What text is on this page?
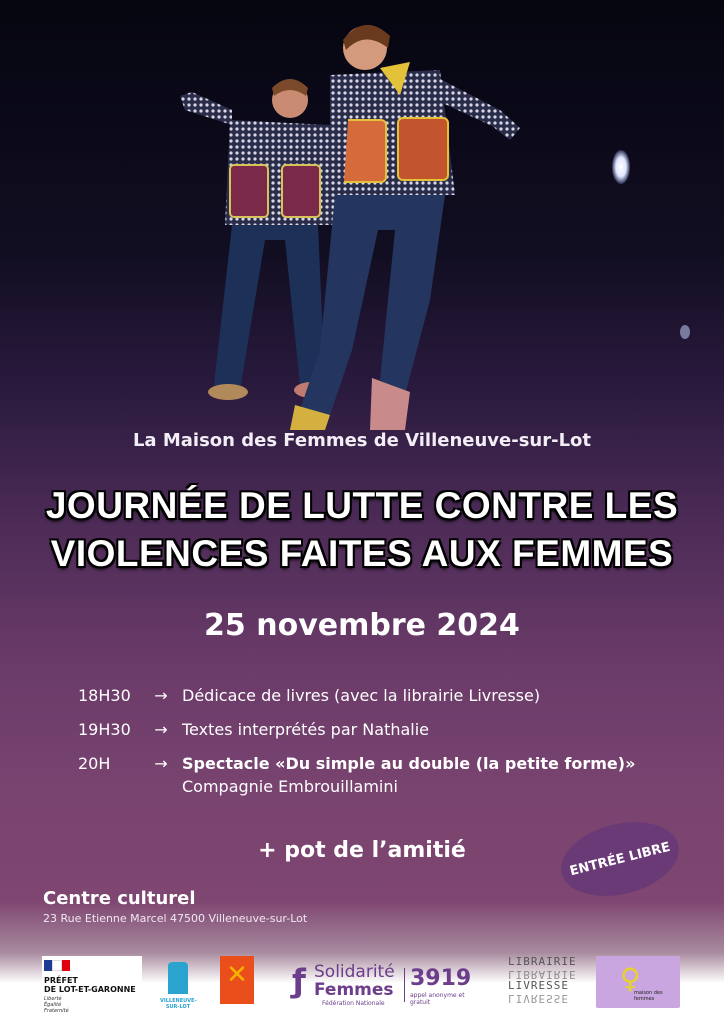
La Maison des Femmes de Villeneuve-sur-Lot
JOURNÉE DE LUTTE CONTRE LES
VIOLENCES FAITES AUX FEMMES
25 novembre 2024
18H30	→ Dédicace de livres (avec la librairie Livresse)
19H30	→ Textes interprétés par Nathalie
20H	→ Spectacle «Du simple au double (la petite forme)»
Compagnie Embrouillamini
+ pot de l’amitié	ENTRÉE LIBRE
Centre culturel
23 Rue Etienne Marcel 47500 Villeneuve-sur-Lot
PRÉFET
DE LOT-ET-GARONNE
Liberté
Égalité
Fraternité
VILLENEUVE-SUR-LOT
✕ ƒ Solidarité
Femmes
Fédération Nationale
3919
appel anonyme et gratuit
LIBRAIRIE
LIBRAIRIE
LIVRESSE
LIVRESSE
♀
maison des femmes
